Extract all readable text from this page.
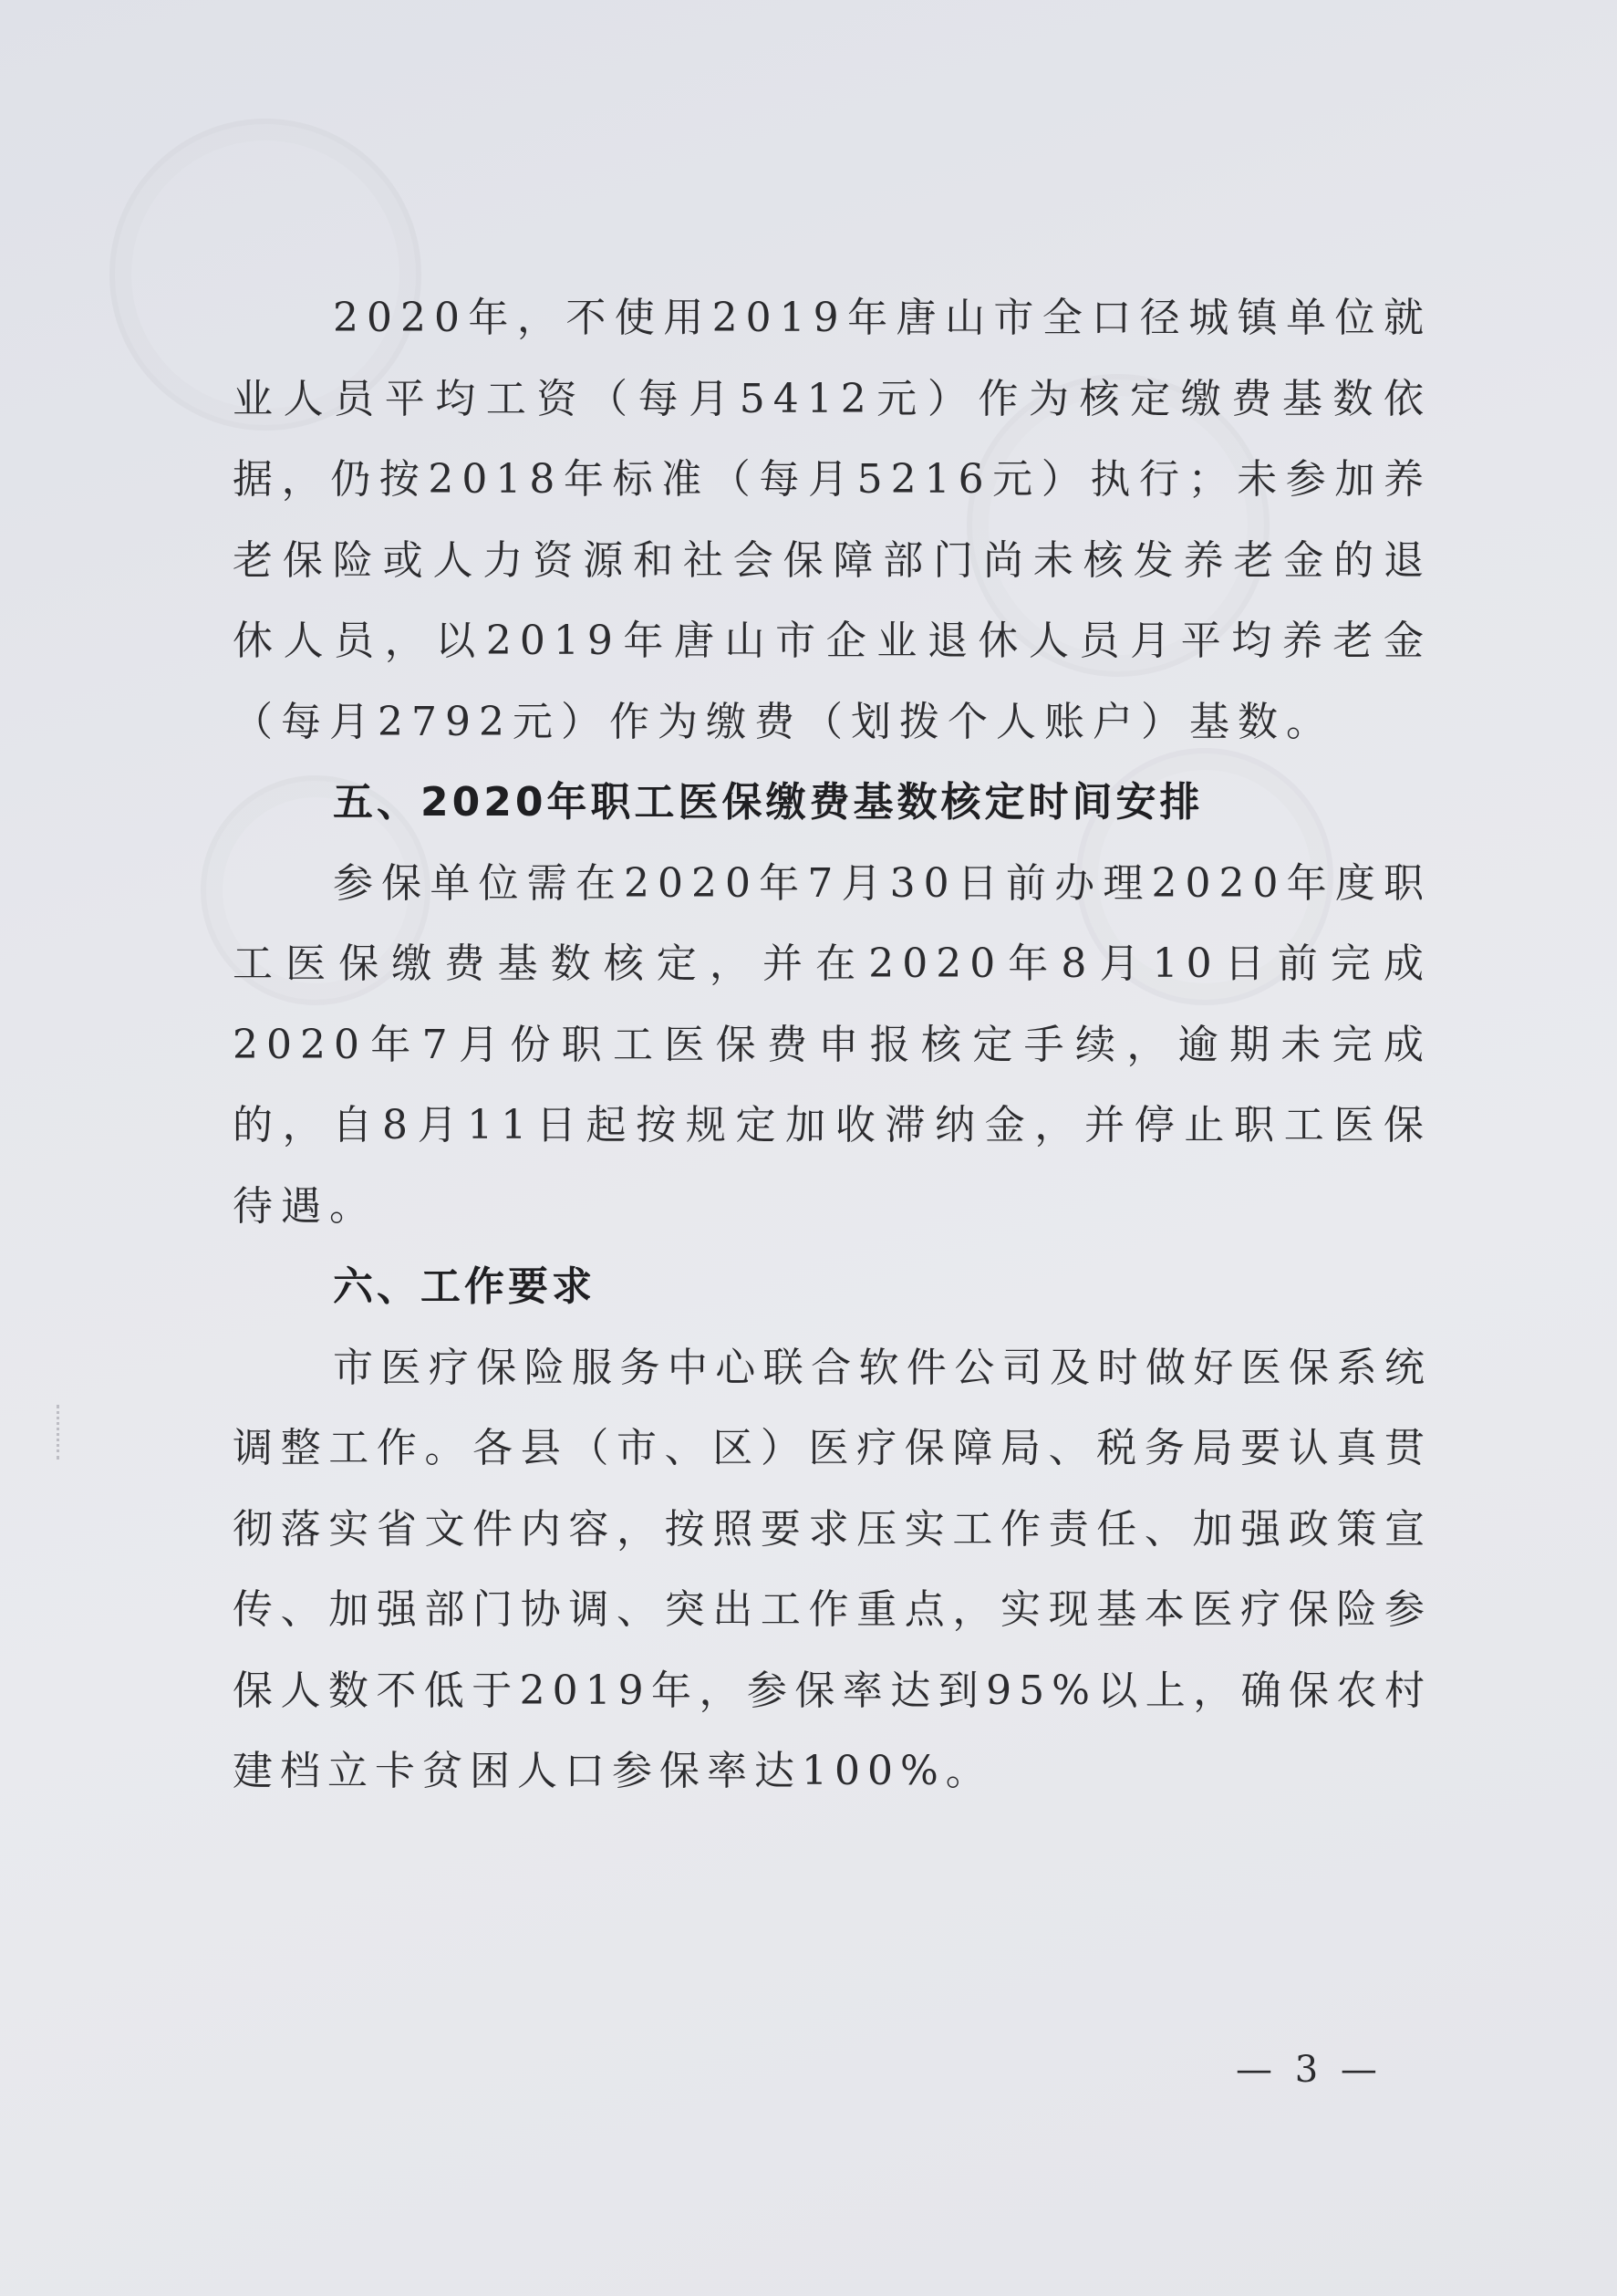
2020年，不使用2019年唐山市全口径城镇单位就业人员平均工资（每月5412元）作为核定缴费基数依据，仍按2018年标准（每月5216元）执行；未参加养老保险或人力资源和社会保障部门尚未核发养老金的退休人员，以2019年唐山市企业退休人员月平均养老金（每月2792元）作为缴费（划拨个人账户）基数。

五、2020年职工医保缴费基数核定时间安排

参保单位需在2020年7月30日前办理2020年度职工医保缴费基数核定，并在2020年8月10日前完成2020年7月份职工医保费申报核定手续，逾期未完成的，自8月11日起按规定加收滞纳金，并停止职工医保待遇。

六、工作要求

市医疗保险服务中心联合软件公司及时做好医保系统调整工作。各县（市、区）医疗保障局、税务局要认真贯彻落实省文件内容，按照要求压实工作责任、加强政策宣传、加强部门协调、突出工作重点，实现基本医疗保险参保人数不低于2019年，参保率达到95%以上，确保农村建档立卡贫困人口参保率达100%。

— 3 —
